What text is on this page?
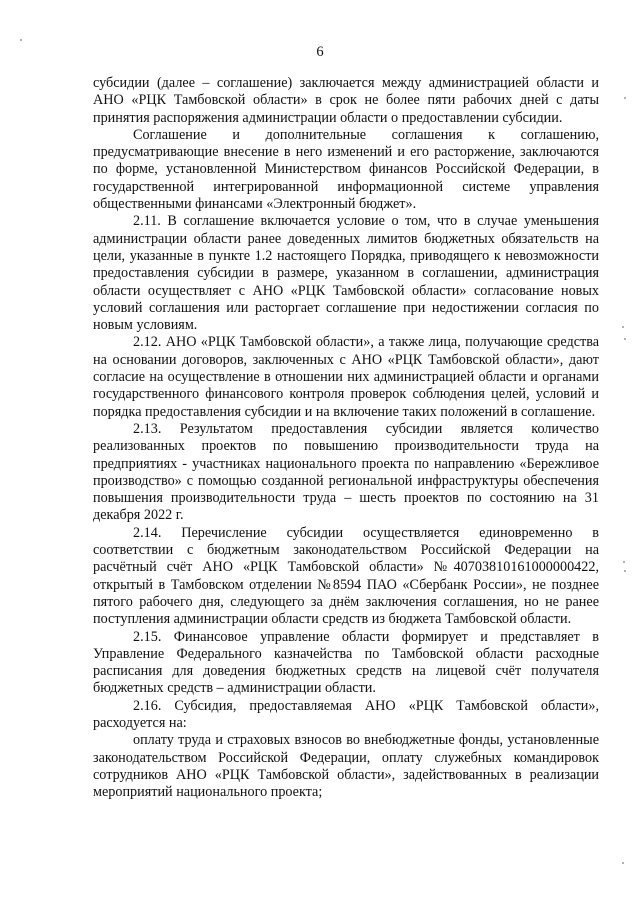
6

субсидии (далее – соглашение) заключается между администрацией области и АНО «РЦК Тамбовской области» в срок не более пяти рабочих дней с даты принятия распоряжения администрации области о предоставлении субсидии.

Соглашение и дополнительные соглашения к соглашению, предусматривающие внесение в него изменений и его расторжение, заключаются по форме, установленной Министерством финансов Российской Федерации, в государственной интегрированной информационной системе управления общественными финансами «Электронный бюджет».

2.11. В соглашение включается условие о том, что в случае уменьшения администрации области ранее доведенных лимитов бюджетных обязательств на цели, указанные в пункте 1.2 настоящего Порядка, приводящего к невозможности предоставления субсидии в размере, указанном в соглашении, администрация области осуществляет с АНО «РЦК Тамбовской области» согласование новых условий соглашения или расторгает соглашение при недостижении согласия по новым условиям.

2.12. АНО «РЦК Тамбовской области», а также лица, получающие средства на основании договоров, заключенных с АНО «РЦК Тамбовской области», дают согласие на осуществление в отношении них администрацией области и органами государственного финансового контроля проверок соблюдения целей, условий и порядка предоставления субсидии и на включение таких положений в соглашение.

2.13. Результатом предоставления субсидии является количество реализованных проектов по повышению производительности труда на предприятиях - участниках национального проекта по направлению «Бережливое производство» с помощью созданной региональной инфраструктуры обеспечения повышения производительности труда – шесть проектов по состоянию на 31 декабря 2022 г.

2.14. Перечисление субсидии осуществляется единовременно в соответствии с бюджетным законодательством Российской Федерации на расчётный счёт АНО «РЦК Тамбовской области» №40703810161000000422, открытый в Тамбовском отделении №8594 ПАО «Сбербанк России», не позднее пятого рабочего дня, следующего за днём заключения соглашения, но не ранее поступления администрации области средств из бюджета Тамбовской области.

2.15. Финансовое управление области формирует и представляет в Управление Федерального казначейства по Тамбовской области расходные расписания для доведения бюджетных средств на лицевой счёт получателя бюджетных средств – администрации области.

2.16. Субсидия, предоставляемая АНО «РЦК Тамбовской области», расходуется на:

оплату труда и страховых взносов во внебюджетные фонды, установленные законодательством Российской Федерации, оплату служебных командировок сотрудников АНО «РЦК Тамбовской области», задействованных в реализации мероприятий национального проекта;
